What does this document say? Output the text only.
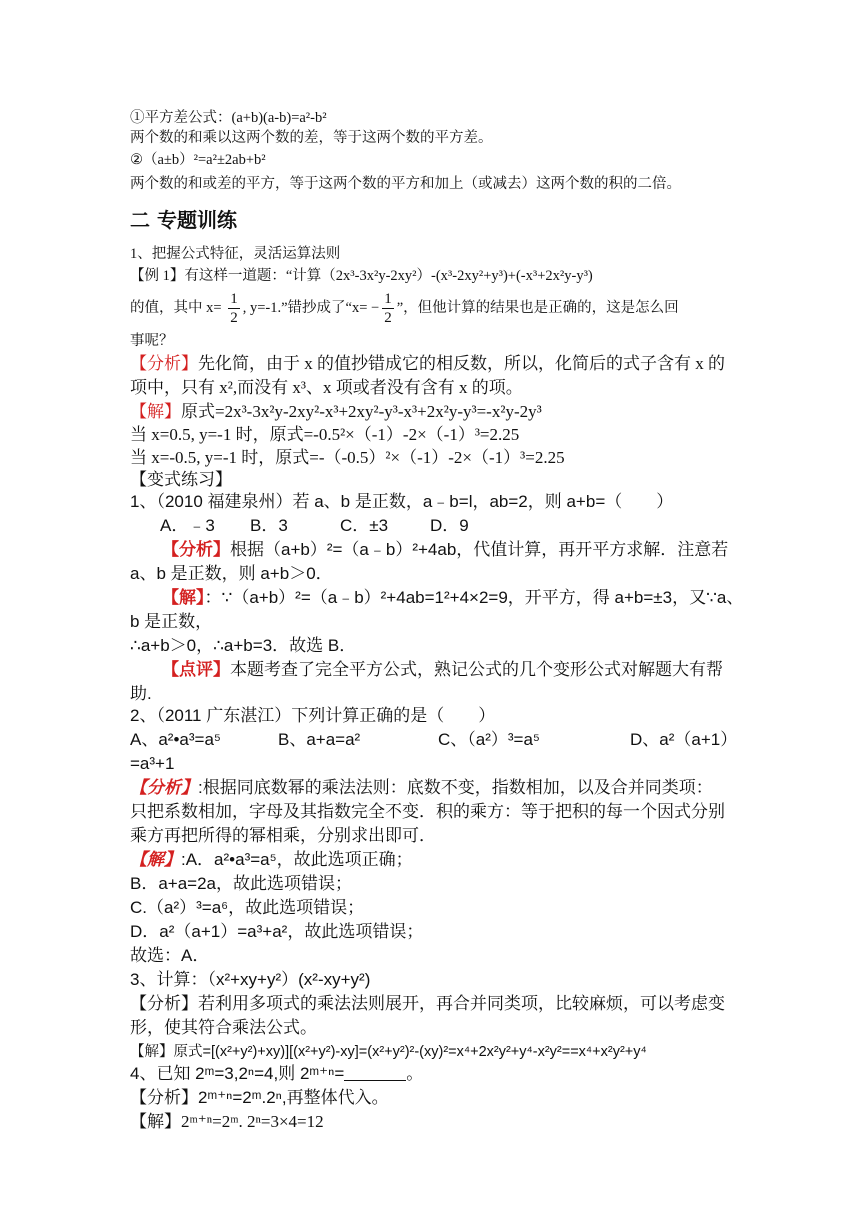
①平方差公式：(a+b)(a-b)=a²-b²
两个数的和乘以这两个数的差，等于这两个数的平方差。
②（a±b）²=a²±2ab+b²
两个数的和或差的平方，等于这两个数的平方和加上（或减去）这两个数的积的二倍。
二 专题训练
1、把握公式特征，灵活运算法则
【例 1】有这样一道题：“计算（2x³-3x²y-2xy²）-(x³-2xy²+y³)+(-x³+2x²y-y³)
的值，其中 $x= \frac{1}{2}$ , y=-1.”错抄成了“$x= - \frac{1}{2}$ ”，但他计算的结果也是正确的，这是怎么回
事呢？
【分析】先化简，由于 x 的值抄错成它的相反数，所以，化简后的式子含有 x 的
项中，只有 x²,而没有 x³、x 项或者没有含有 x 的项。
【解】原式=2x³-3x²y-2xy²-x³+2xy²-y³-x³+2x²y-y³=-x²y-2y³
当 x=0.5, y=-1 时，原式=-0.5²×（-1）-2×（-1）³=2.25
当 x=-0.5, y=-1 时，原式=-（-0.5）²×（-1）-2×（-1）³=2.25
【变式练习】
1、（2010 福建泉州）若 a、b 是正数，a﹣b=l，ab=2，则 a+b=（　　）
A．﹣3 B．3	C．±3 D．9
【分析】根据（a+b）²=（a﹣b）²+4ab，代值计算，再开平方求解．注意若
a、b 是正数，则 a+b＞0．
【解】：∵（a+b）²=（a﹣b）²+4ab=1²+4×2=9，开平方，得 a+b=±3，又∵a、
b 是正数，
∴a+b＞0，∴a+b=3．故选 B．
【点评】本题考查了完全平方公式，熟记公式的几个变形公式对解题大有帮
助.
2、（2011 广东湛江）下列计算正确的是（　　）
A、a²•a³=a⁵	B、a+a=a²	C、（a²）³=a⁵	D、a²（a+1）
=a³+1
【分析】:根据同底数幂的乘法法则：底数不变，指数相加，以及合并同类项：
只把系数相加，字母及其指数完全不变．积的乘方：等于把积的每一个因式分别
乘方再把所得的幂相乘，分别求出即可．
【解】:A．a²•a³=a⁵，故此选项正确；
B．a+a=2a，故此选项错误；
C.（a²）³=a⁶，故此选项错误；
D．a²（a+1）=a³+a²，故此选项错误；
故选：A．
3、计算：（x²+xy+y²）(x²-xy+y²)
【分析】若利用多项式的乘法法则展开，再合并同类项，比较麻烦，可以考虑变
形，使其符合乘法公式。
【解】原式=[(x²+y²)+xy)][(x²+y²)-xy]=(x²+y²)²-(xy)²=x⁴+2x²y²+y⁴-x²y²==x⁴+x²y²+y⁴
4、已知 2ᵐ=3,2ⁿ=4,则 2ᵐ⁺ⁿ=	。
【分析】2ᵐ⁺ⁿ=2ᵐ.2ⁿ,再整体代入。
【解】2ᵐ⁺ⁿ=2ᵐ. 2ⁿ=3×4=12
